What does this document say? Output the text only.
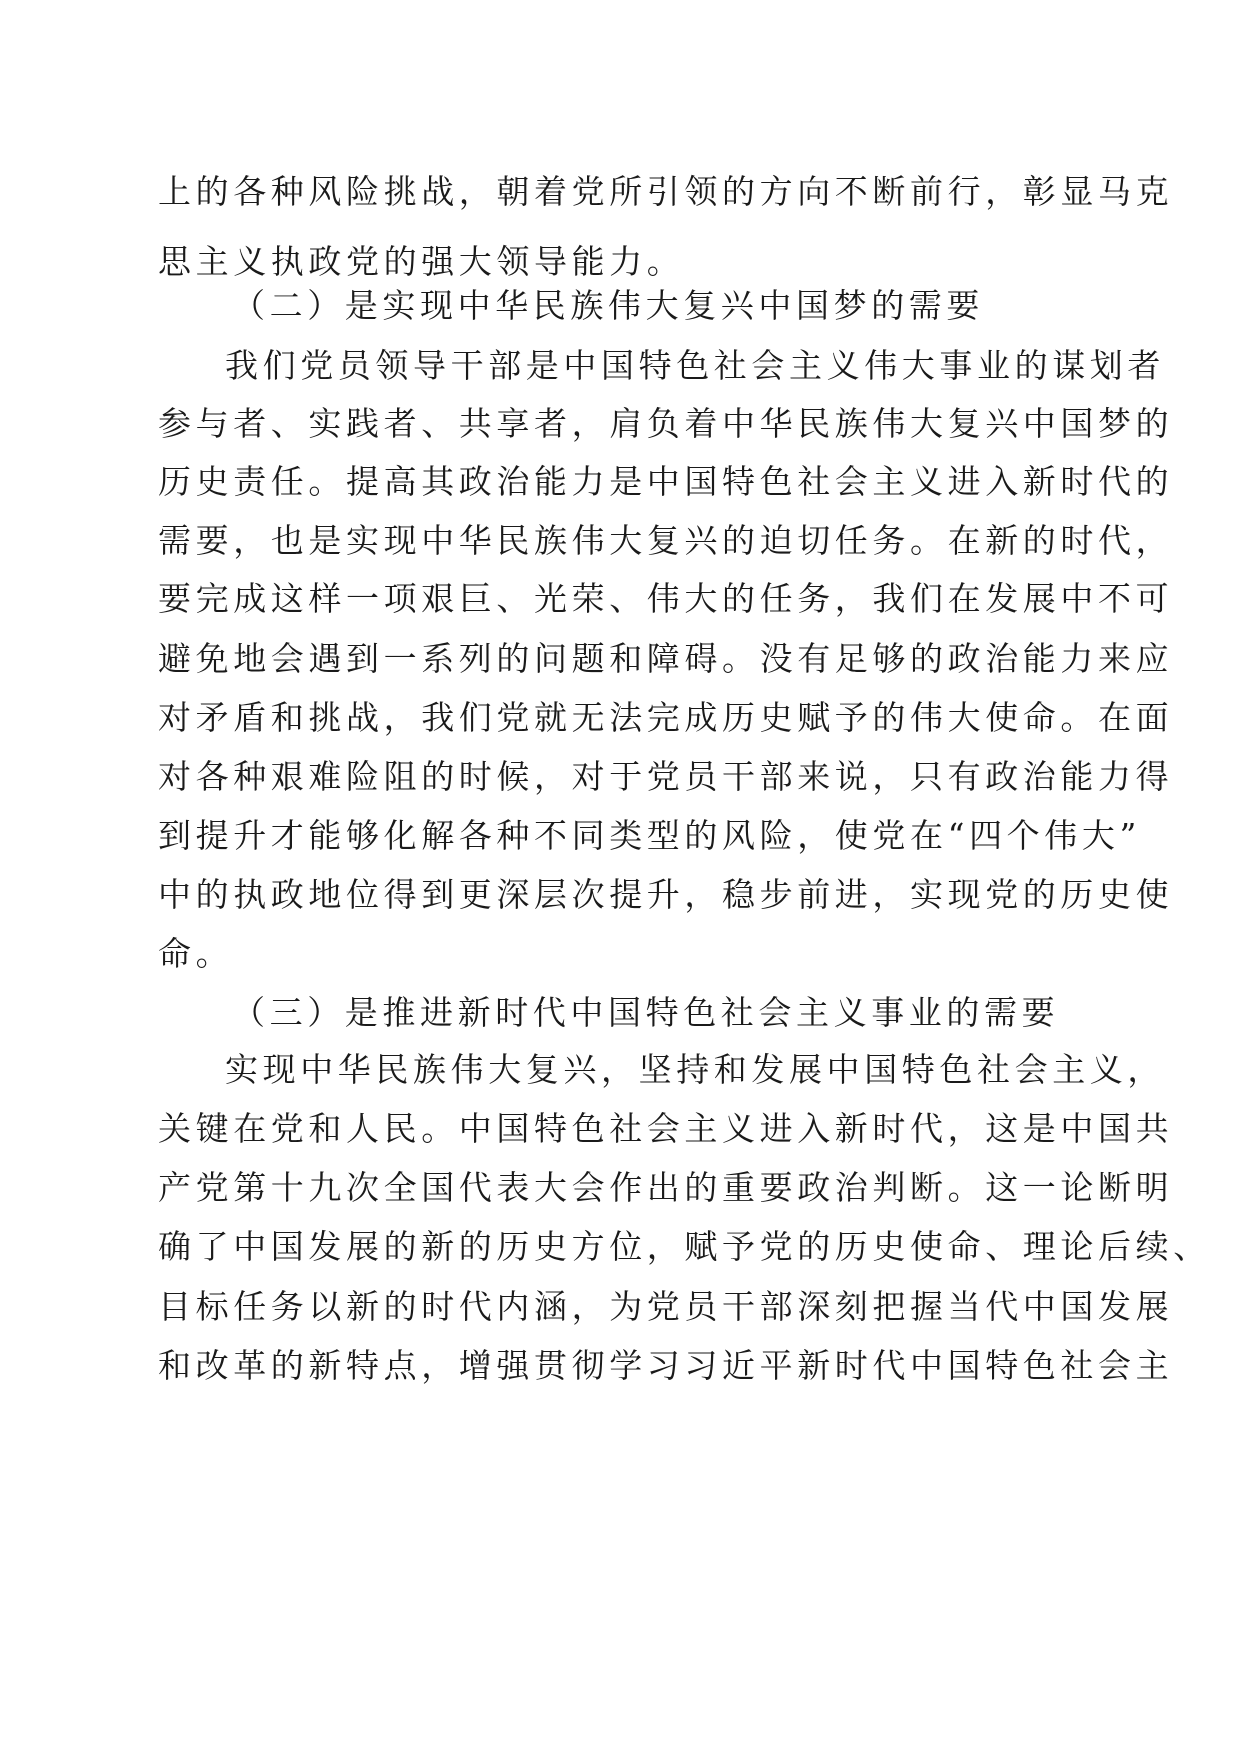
上的各种风险挑战，朝着党所引领的方向不断前行，彰显马克
思主义执政党的强大领导能力。
（二）是实现中华民族伟大复兴中国梦的需要
我们党员领导干部是中国特色社会主义伟大事业的谋划者
参与者、实践者、共享者，肩负着中华民族伟大复兴中国梦的
历史责任。提高其政治能力是中国特色社会主义进入新时代的
需要，也是实现中华民族伟大复兴的迫切任务。在新的时代，
要完成这样一项艰巨、光荣、伟大的任务，我们在发展中不可
避免地会遇到一系列的问题和障碍。没有足够的政治能力来应
对矛盾和挑战，我们党就无法完成历史赋予的伟大使命。在面
对各种艰难险阻的时候，对于党员干部来说，只有政治能力得
到提升才能够化解各种不同类型的风险，使党在“四个伟大”
中的执政地位得到更深层次提升，稳步前进，实现党的历史使
命。
（三）是推进新时代中国特色社会主义事业的需要
实现中华民族伟大复兴，坚持和发展中国特色社会主义，
关键在党和人民。中国特色社会主义进入新时代，这是中国共
产党第十九次全国代表大会作出的重要政治判断。这一论断明
确了中国发展的新的历史方位，赋予党的历史使命、理论后续、
目标任务以新的时代内涵，为党员干部深刻把握当代中国发展
和改革的新特点，增强贯彻学习习近平新时代中国特色社会主
